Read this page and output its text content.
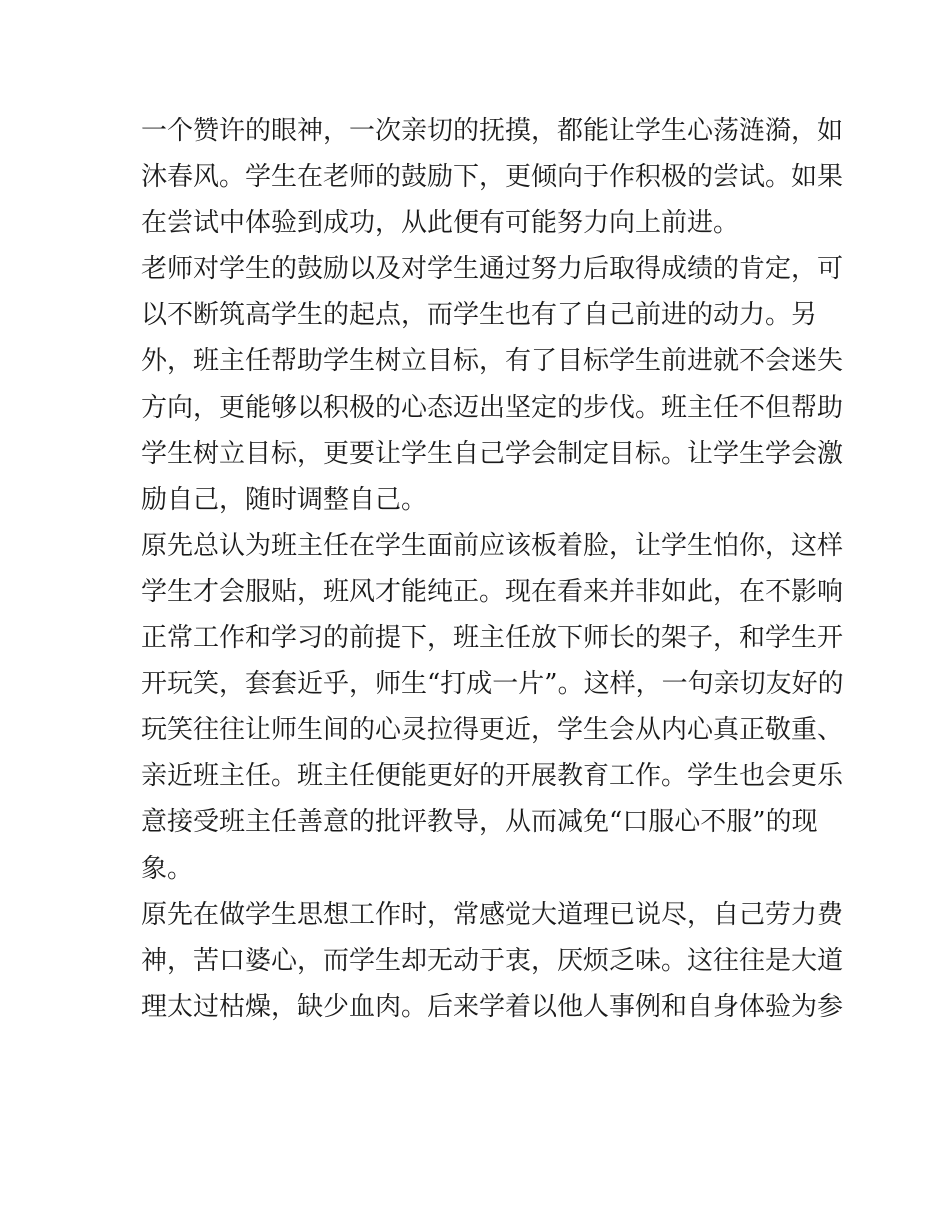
一个赞许的眼神，一次亲切的抚摸，都能让学生心荡涟漪，如
沐春风。学生在老师的鼓励下，更倾向于作积极的尝试。如果
在尝试中体验到成功，从此便有可能努力向上前进。
老师对学生的鼓励以及对学生通过努力后取得成绩的肯定，可
以不断筑高学生的起点，而学生也有了自己前进的动力。另
外，班主任帮助学生树立目标，有了目标学生前进就不会迷失
方向，更能够以积极的心态迈出坚定的步伐。班主任不但帮助
学生树立目标，更要让学生自己学会制定目标。让学生学会激
励自己，随时调整自己。
原先总认为班主任在学生面前应该板着脸，让学生怕你，这样
学生才会服贴，班风才能纯正。现在看来并非如此，在不影响
正常工作和学习的前提下，班主任放下师长的架子，和学生开
开玩笑，套套近乎，师生“打成一片”。这样，一句亲切友好的
玩笑往往让师生间的心灵拉得更近，学生会从内心真正敬重、
亲近班主任。班主任便能更好的开展教育工作。学生也会更乐
意接受班主任善意的批评教导，从而减免“口服心不服”的现
象。
原先在做学生思想工作时，常感觉大道理已说尽，自己劳力费
神，苦口婆心，而学生却无动于衷，厌烦乏味。这往往是大道
理太过枯燥，缺少血肉。后来学着以他人事例和自身体验为参
